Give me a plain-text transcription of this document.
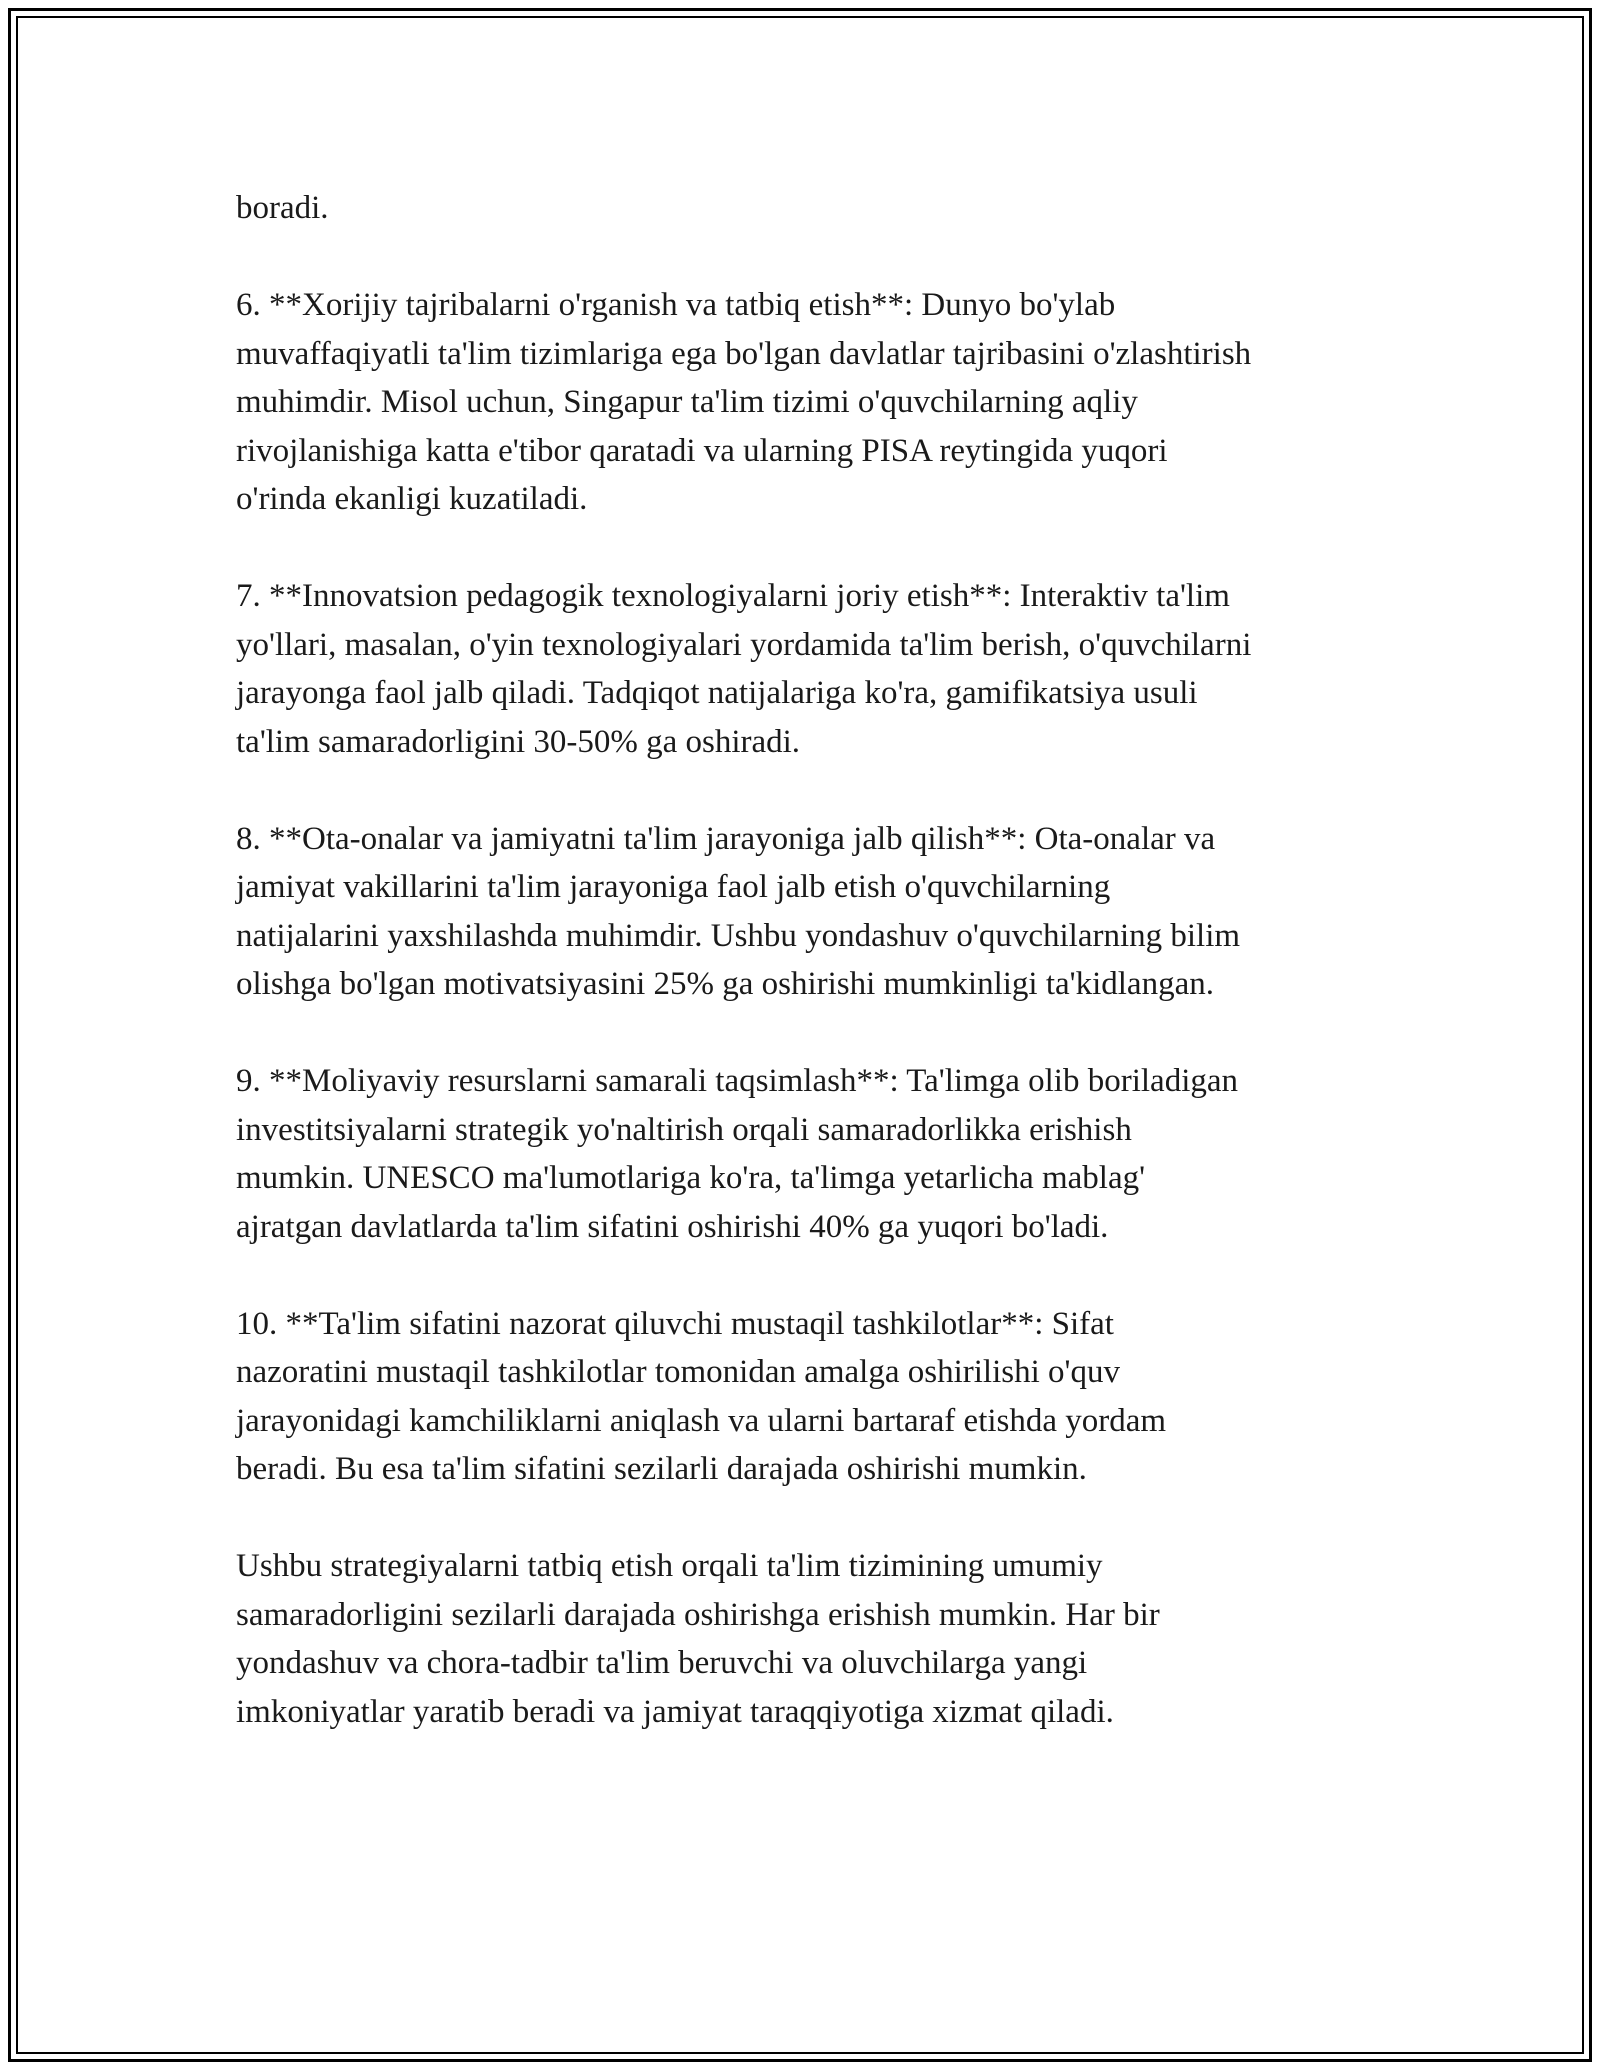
boradi.

6. **Xorijiy tajribalarni o'rganish va tatbiq etish**: Dunyo bo'ylab
muvaffaqiyatli ta'lim tizimlariga ega bo'lgan davlatlar tajribasini o'zlashtirish
muhimdir. Misol uchun, Singapur ta'lim tizimi o'quvchilarning aqliy
rivojlanishiga katta e'tibor qaratadi va ularning PISA reytingida yuqori
o'rinda ekanligi kuzatiladi.

7. **Innovatsion pedagogik texnologiyalarni joriy etish**: Interaktiv ta'lim
yo'llari, masalan, o'yin texnologiyalari yordamida ta'lim berish, o'quvchilarni
jarayonga faol jalb qiladi. Tadqiqot natijalariga ko'ra, gamifikatsiya usuli
ta'lim samaradorligini 30-50% ga oshiradi.

8. **Ota-onalar va jamiyatni ta'lim jarayoniga jalb qilish**: Ota-onalar va
jamiyat vakillarini ta'lim jarayoniga faol jalb etish o'quvchilarning
natijalarini yaxshilashda muhimdir. Ushbu yondashuv o'quvchilarning bilim
olishga bo'lgan motivatsiyasini 25% ga oshirishi mumkinligi ta'kidlangan.

9. **Moliyaviy resurslarni samarali taqsimlash**: Ta'limga olib boriladigan
investitsiyalarni strategik yo'naltirish orqali samaradorlikka erishish
mumkin. UNESCO ma'lumotlariga ko'ra, ta'limga yetarlicha mablag'
ajratgan davlatlarda ta'lim sifatini oshirishi 40% ga yuqori bo'ladi.

10. **Ta'lim sifatini nazorat qiluvchi mustaqil tashkilotlar**: Sifat
nazoratini mustaqil tashkilotlar tomonidan amalga oshirilishi o'quv
jarayonidagi kamchiliklarni aniqlash va ularni bartaraf etishda yordam
beradi. Bu esa ta'lim sifatini sezilarli darajada oshirishi mumkin.

Ushbu strategiyalarni tatbiq etish orqali ta'lim tizimining umumiy
samaradorligini sezilarli darajada oshirishga erishish mumkin. Har bir
yondashuv va chora-tadbir ta'lim beruvchi va oluvchilarga yangi
imkoniyatlar yaratib beradi va jamiyat taraqqiyotiga xizmat qiladi.
